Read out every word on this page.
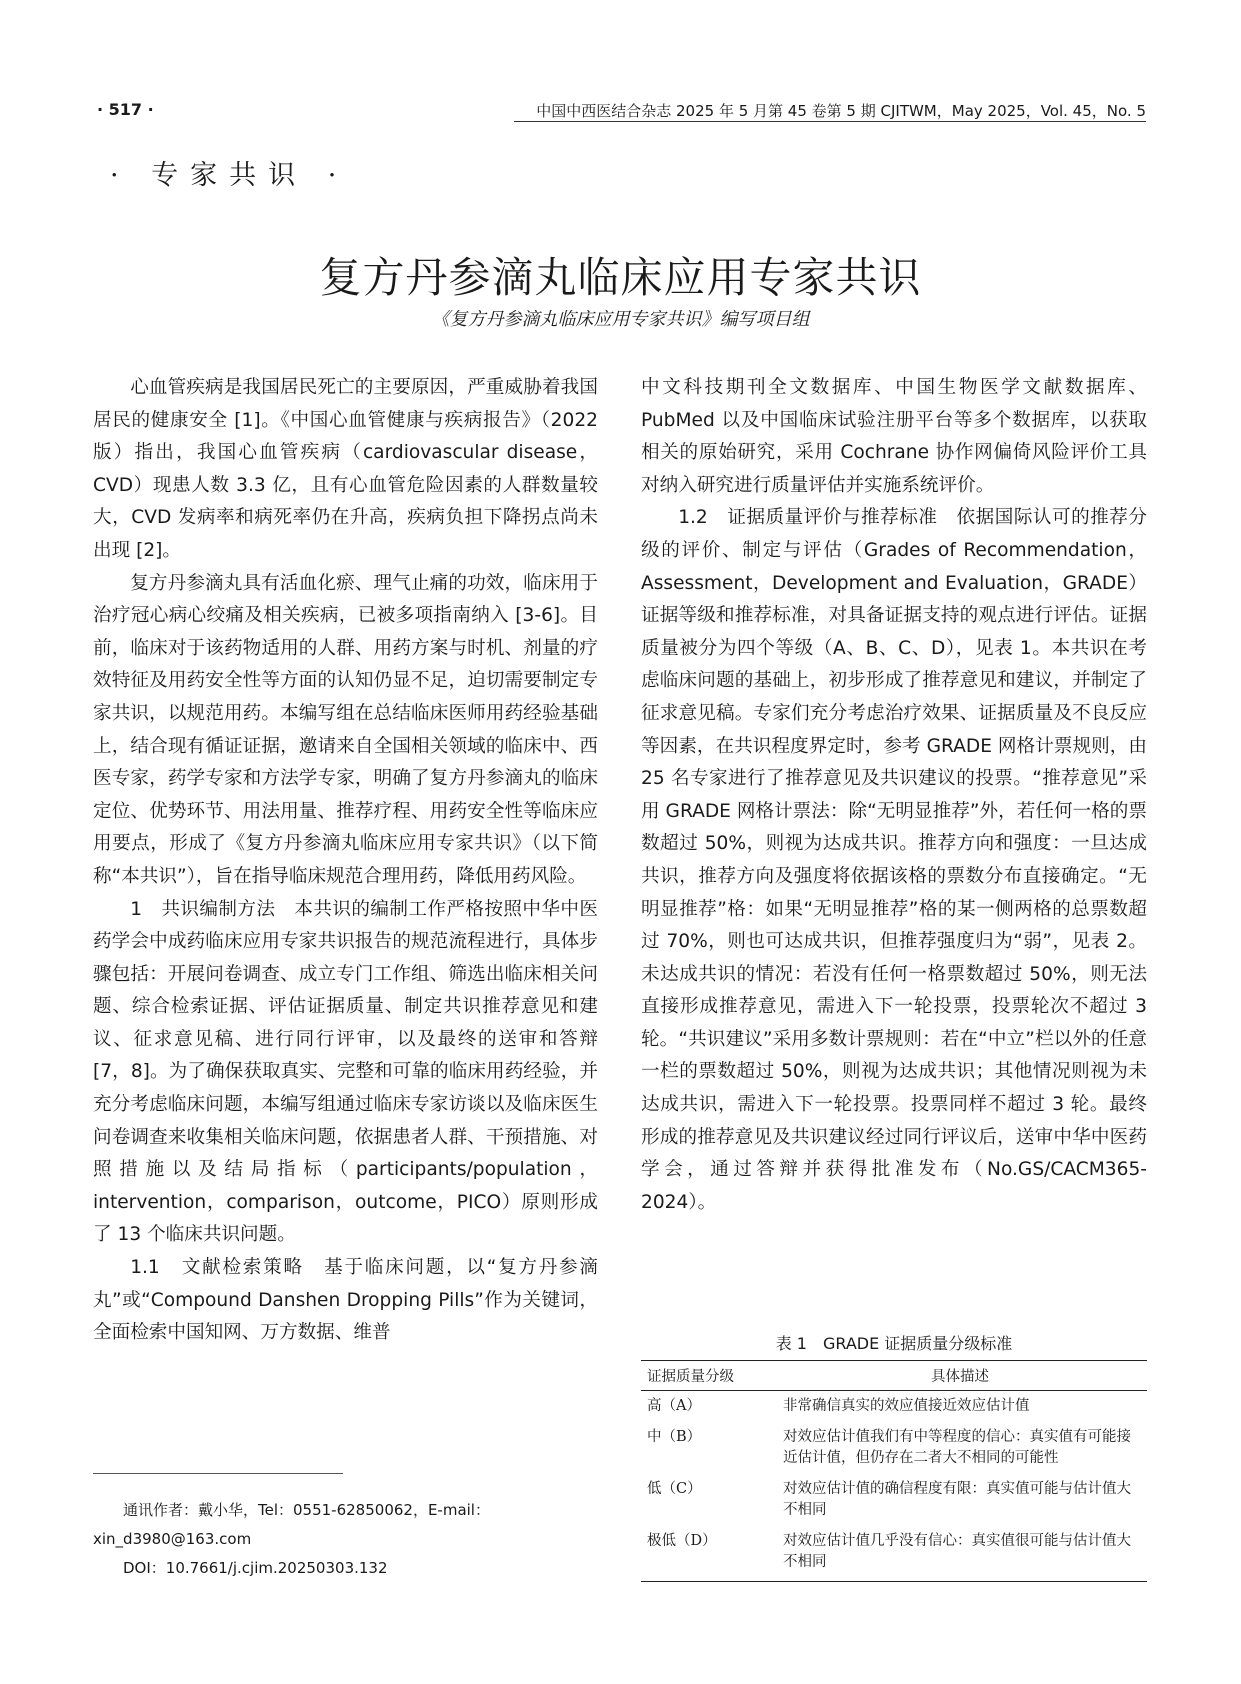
· 517 ·	中国中西医结合杂志 2025 年 5 月第 45 卷第 5 期 CJITWM，May 2025，Vol. 45，No. 5
· 专家共识 ·
复方丹参滴丸临床应用专家共识
《复方丹参滴丸临床应用专家共识》编写项目组

心血管疾病是我国居民死亡的主要原因，严重威胁着我国居民的健康安全 [1]。《中国心血管健康与疾病报告》（2022 版）指出，我国心血管疾病（cardiovascular disease，CVD）现患人数 3.3 亿，且有心血管危险因素的人群数量较大，CVD 发病率和病死率仍在升高，疾病负担下降拐点尚未出现 [2]。

复方丹参滴丸具有活血化瘀、理气止痛的功效，临床用于治疗冠心病心绞痛及相关疾病，已被多项指南纳入 [3-6]。目前，临床对于该药物适用的人群、用药方案与时机、剂量的疗效特征及用药安全性等方面的认知仍显不足，迫切需要制定专家共识，以规范用药。本编写组在总结临床医师用药经验基础上，结合现有循证证据，邀请来自全国相关领域的临床中、西医专家，药学专家和方法学专家，明确了复方丹参滴丸的临床定位、优势环节、用法用量、推荐疗程、用药安全性等临床应用要点，形成了《复方丹参滴丸临床应用专家共识》（以下简称“本共识”），旨在指导临床规范合理用药，降低用药风险。

1　共识编制方法　 本共识的编制工作严格按照中华中医药学会中成药临床应用专家共识报告的规范流程进行，具体步骤包括：开展问卷调查、成立专门工作组、筛选出临床相关问题、综合检索证据、评估证据质量、制定共识推荐意见和建议、征求意见稿、进行同行评审，以及最终的送审和答辩 [7，8]。为了确保获取真实、完整和可靠的临床用药经验，并充分考虑临床问题，本编写组通过临床专家访谈以及临床医生问卷调查来收集相关临床问题，依据患者人群、干预措施、对照措施以及结局指标（participants/population，intervention，comparison，outcome，PICO）原则形成了 13 个临床共识问题。

1.1　文献检索策略　 基于临床问题，以“复方丹参滴丸”或“Compound Danshen Dropping Pills”作为关键词，全面检索中国知网、万方数据、维普

中文科技期刊全文数据库、中国生物医学文献数据库、PubMed 以及中国临床试验注册平台等多个数据库，以获取相关的原始研究，采用 Cochrane 协作网偏倚风险评价工具对纳入研究进行质量评估并实施系统评价。

1.2　证据质量评价与推荐标准　 依据国际认可的推荐分级的评价、制定与评估（Grades of Recommendation，Assessment，Development and Evaluation，GRADE）证据等级和推荐标准，对具备证据支持的观点进行评估。证据质量被分为四个等级（A、B、C、D），见表 1。本共识在考虑临床问题的基础上，初步形成了推荐意见和建议，并制定了征求意见稿。专家们充分考虑治疗效果、证据质量及不良反应等因素，在共识程度界定时，参考 GRADE 网格计票规则，由 25 名专家进行了推荐意见及共识建议的投票。“推荐意见”采用 GRADE 网格计票法：除“无明显推荐”外，若任何一格的票数超过 50%，则视为达成共识。推荐方向和强度：一旦达成共识，推荐方向及强度将依据该格的票数分布直接确定。“无明显推荐”格：如果“无明显推荐”格的某一侧两格的总票数超过 70%，则也可达成共识，但推荐强度归为“弱”，见表 2。未达成共识的情况：若没有任何一格票数超过 50%，则无法直接形成推荐意见，需进入下一轮投票，投票轮次不超过 3 轮。“共识建议”采用多数计票规则：若在“中立”栏以外的任意一栏的票数超过 50%，则视为达成共识；其他情况则视为未达成共识，需进入下一轮投票。投票同样不超过 3 轮。最终形成的推荐意见及共识建议经过同行评议后，送审中华中医药学会，通过答辩并获得批准发布（No.GS/CACM365-2024）。

表 1　GRADE 证据质量分级标准
证据质量分级	具体描述
高（A）	非常确信真实的效应值接近效应估计值
中（B）	对效应估计值我们有中等程度的信心：真实值有可能接近估计值，但仍存在二者大不相同的可能性
低（C）	对效应估计值的确信程度有限：真实值可能与估计值大不相同
极低（D）	对效应估计值几乎没有信心：真实值很可能与估计值大不相同
通讯作者：戴小华，Tel：0551-62850062，E-mail：xin_d3980@163.com
DOI：10.7661/j.cjim.20250303.132
